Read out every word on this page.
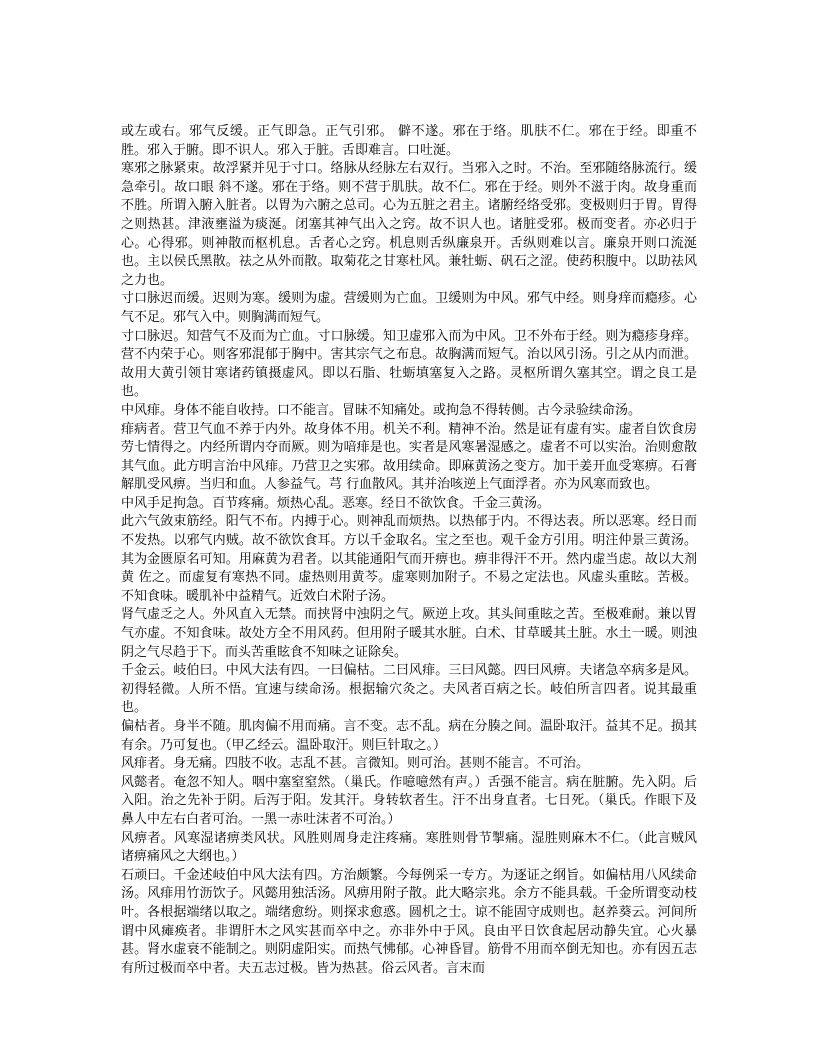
或左或右。邪气反缓。正气即急。正气引邪。 僻不遂。邪在于络。肌肤不仁。邪在于经。即重不胜。邪入于腑。即不识人。邪入于脏。舌即难言。口吐涎。

寒邪之脉紧束。故浮紧并见于寸口。络脉从经脉左右双行。当邪入之时。不治。至邪随络脉流行。缓急牵引。故口眼 斜不遂。邪在于络。则不营于肌肤。故不仁。邪在于经。则外不滋于肉。故身重而不胜。所谓入腑入脏者。以胃为六腑之总司。心为五脏之君主。诸腑经络受邪。变极则归于胃。胃得之则热甚。津液壅溢为痰涎。闭塞其神气出入之窍。故不识人也。诸脏受邪。极而变者。亦必归于心。心得邪。则神散而枢机息。舌者心之窍。机息则舌纵廉泉开。舌纵则难以言。廉泉开则口流涎也。主以侯氏黑散。祛之从外而散。取菊花之甘寒杜风。兼牡蛎、矾石之涩。使药积腹中。以助祛风之力也。

寸口脉迟而缓。迟则为寒。缓则为虚。营缓则为亡血。卫缓则为中风。邪气中经。则身痒而瘾疹。心气不足。邪气入中。则胸满而短气。

寸口脉迟。知营气不及而为亡血。寸口脉缓。知卫虚邪入而为中风。卫不外布于经。则为瘾疹身痒。营不内荣于心。则客邪混郁于胸中。害其宗气之布息。故胸满而短气。治以风引汤。引之从内而泄。故用大黄引领甘寒诸药镇摄虚风。即以石脂、牡蛎填塞复入之路。灵枢所谓久塞其空。谓之良工是也。

中风痱。身体不能自收持。口不能言。冒昧不知痛处。或拘急不得转侧。古今录验续命汤。

痱病者。营卫气血不养于内外。故身体不用。机关不利。精神不治。然是证有虚有实。虚者自饮食房劳七情得之。内经所谓内夺而厥。则为喑痱是也。实者是风寒暑湿感之。虚者不可以实治。治则愈散其气血。此方明言治中风痱。乃营卫之实邪。故用续命。即麻黄汤之变方。加干姜开血受寒痹。石膏解肌受风痹。当归和血。人参益气。芎 行血散风。其并治咳逆上气面浮者。亦为风寒而致也。

中风手足拘急。百节疼痛。烦热心乱。恶寒。经日不欲饮食。千金三黄汤。

此六气敛束筋经。阳气不布。内搏于心。则神乱而烦热。以热郁于内。不得达表。所以恶寒。经日而不发热。以邪气内贼。故不欲饮食耳。方以千金取名。宝之至也。观千金方引用。明注仲景三黄汤。其为金匮原名可知。用麻黄为君者。以其能通阳气而开痹也。痹非得汗不开。然内虚当虑。故以大剂黄 佐之。而虚复有寒热不同。虚热则用黄芩。虚寒则加附子。不易之定法也。风虚头重眩。苦极。不知食味。暖肌补中益精气。近效白术附子汤。

肾气虚乏之人。外风直入无禁。而挟肾中浊阴之气。厥逆上攻。其头间重眩之苦。至极难耐。兼以胃气亦虚。不知食味。故处方全不用风药。但用附子暖其水脏。白术、甘草暖其土脏。水土一暖。则浊阴之气尽趋于下。而头苦重眩食不知味之证除矣。

千金云。岐伯曰。中风大法有四。一曰偏枯。二曰风痱。三曰风懿。四曰风痹。夫诸急卒病多是风。初得轻微。人所不悟。宜速与续命汤。根据输穴灸之。夫风者百病之长。岐伯所言四者。说其最重也。

偏枯者。身半不随。肌肉偏不用而痛。言不变。志不乱。病在分腠之间。温卧取汗。益其不足。损其有余。乃可复也。（甲乙经云。温卧取汗。则巨针取之。）

风痱者。身无痛。四肢不收。志乱不甚。言微知。则可治。甚则不能言。不可治。

风懿者。奄忽不知人。咽中塞窒窒然。（巢氏。作噫噫然有声。）舌强不能言。病在脏腑。先入阴。后入阳。治之先补于阴。后泻于阳。发其汗。身转软者生。汗不出身直者。七日死。（巢氏。作眼下及鼻人中左右白者可治。一黑一赤吐沫者不可治。）

风痹者。风寒湿诸痹类风状。风胜则周身走注疼痛。寒胜则骨节掣痛。湿胜则麻木不仁。（此言贼风诸痹痛风之大纲也。）

石顽曰。千金述岐伯中风大法有四。方治颇繁。今每例采一专方。为逐证之纲旨。如偏枯用八风续命汤。风痱用竹沥饮子。风懿用独活汤。风痹用附子散。此大略宗兆。余方不能具载。千金所谓变动枝叶。各根据端绪以取之。端绪愈纷。则探求愈惑。圆机之士。谅不能固守成则也。赵养葵云。河间所谓中风瘫痪者。非谓肝木之风实甚而卒中之。亦非外中于风。良由平日饮食起居动静失宜。心火暴甚。肾水虚衰不能制之。则阴虚阳实。而热气怫郁。心神昏冒。筋骨不用而卒倒无知也。亦有因五志有所过极而卒中者。夫五志过极。皆为热甚。俗云风者。言末而
